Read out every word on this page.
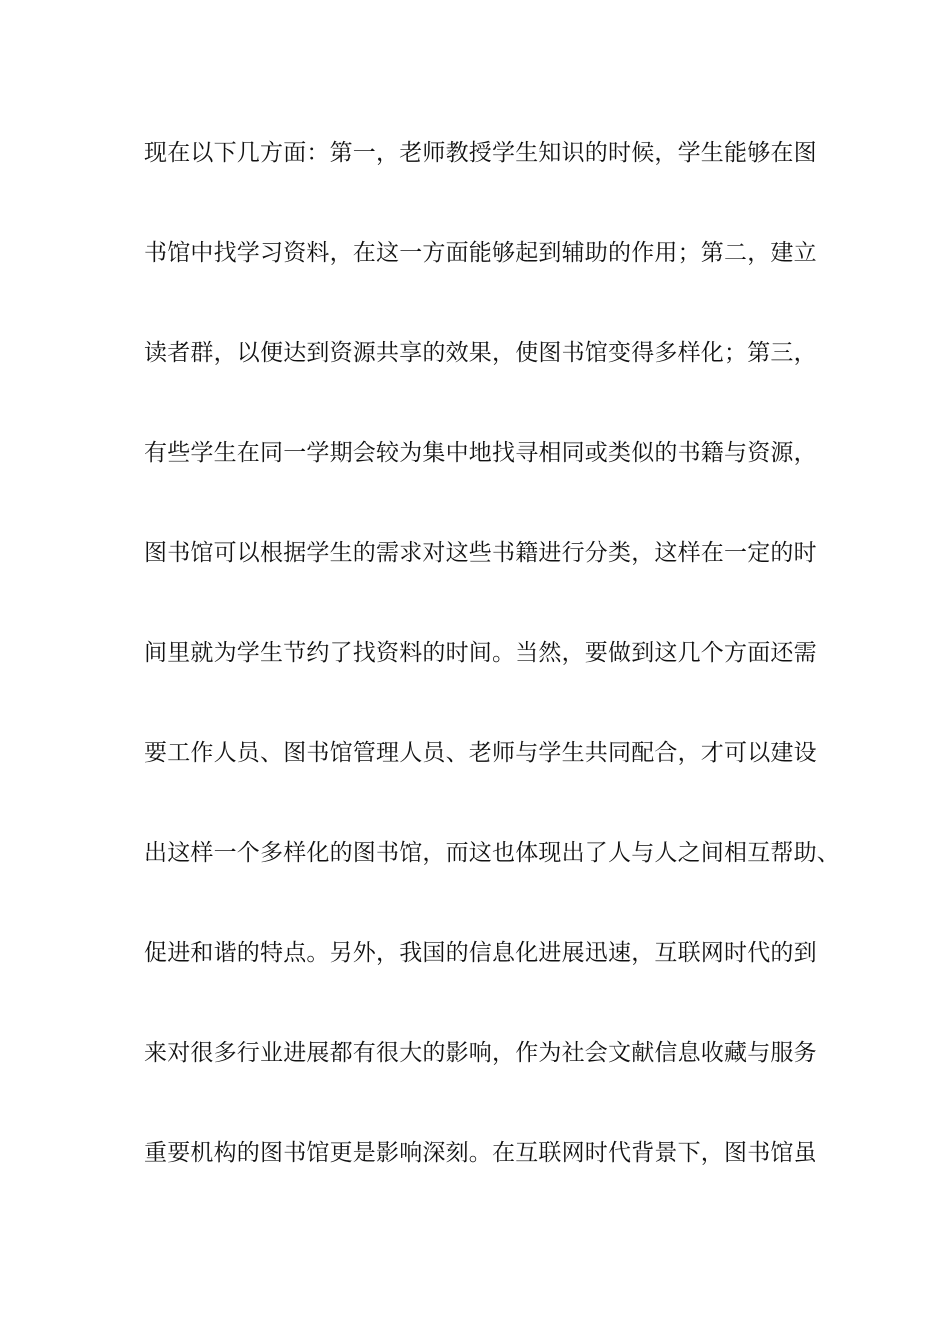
现在以下几方面：第一，老师教授学生知识的时候，学生能够在图
书馆中找学习资料，在这一方面能够起到辅助的作用；第二，建立
读者群，以便达到资源共享的效果，使图书馆变得多样化；第三，
有些学生在同一学期会较为集中地找寻相同或类似的书籍与资源，
图书馆可以根据学生的需求对这些书籍进行分类，这样在一定的时
间里就为学生节约了找资料的时间。当然，要做到这几个方面还需
要工作人员、图书馆管理人员、老师与学生共同配合，才可以建设
出这样一个多样化的图书馆，而这也体现出了人与人之间相互帮助、
促进和谐的特点。另外，我国的信息化进展迅速，互联网时代的到
来对很多行业进展都有很大的影响，作为社会文献信息收藏与服务
重要机构的图书馆更是影响深刻。在互联网时代背景下，图书馆虽
